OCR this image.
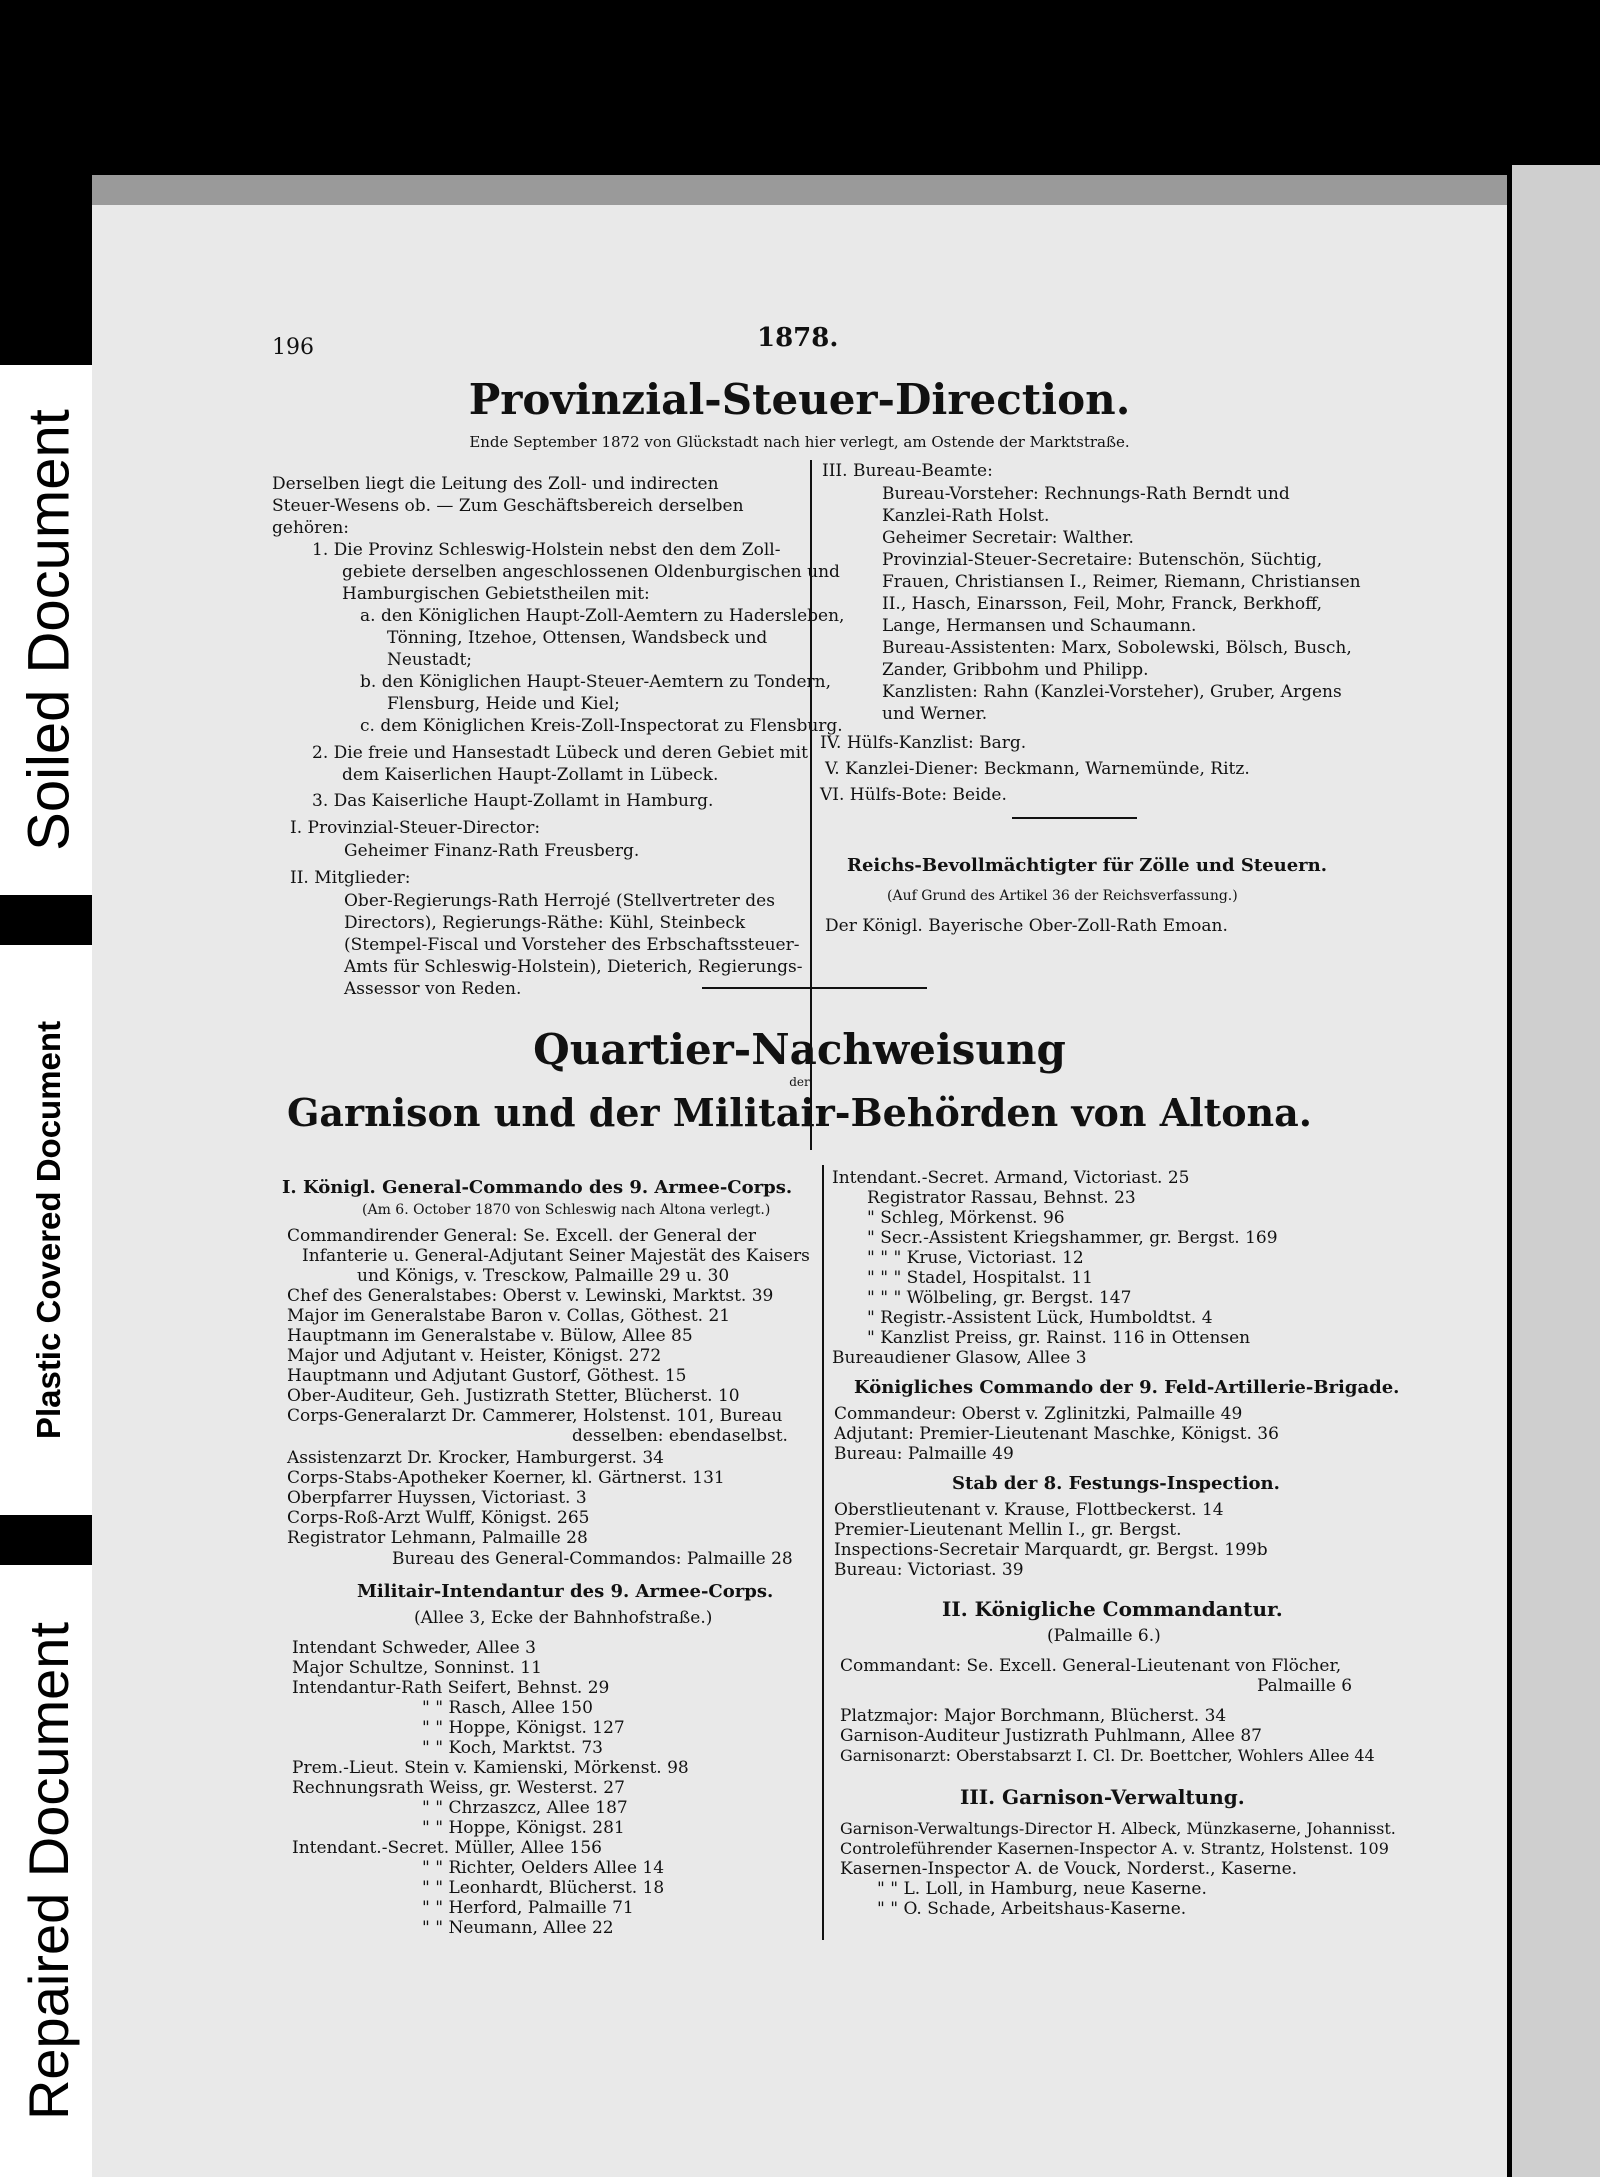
Soiled Document
Plastic Covered Document
Repaired Document
196	1878.
Provinzial-Steuer-Direction.
Ende September 1872 von Glückstadt nach hier verlegt, am Ostende der Marktstraße.
Derselben liegt die Leitung des Zoll- und indirecten
Steuer-Wesens ob. — Zum Geschäftsbereich derselben
gehören:
1. Die Provinz Schleswig-Holstein nebst den dem Zoll-
gebiete derselben angeschlossenen Oldenburgischen und
Hamburgischen Gebietstheilen mit:
a. den Königlichen Haupt-Zoll-Aemtern zu Hadersleben,
Tönning, Itzehoe, Ottensen, Wandsbeck und
Neustadt;
b. den Königlichen Haupt-Steuer-Aemtern zu Tondern,
Flensburg, Heide und Kiel;
c. dem Königlichen Kreis-Zoll-Inspectorat zu Flensburg.
2. Die freie und Hansestadt Lübeck und deren Gebiet mit
dem Kaiserlichen Haupt-Zollamt in Lübeck.
3. Das Kaiserliche Haupt-Zollamt in Hamburg.
I. Provinzial-Steuer-Director:
Geheimer Finanz-Rath Freusberg.
II. Mitglieder:
Ober-Regierungs-Rath Herrojé (Stellvertreter des
Directors), Regierungs-Räthe: Kühl, Steinbeck
(Stempel-Fiscal und Vorsteher des Erbschaftssteuer-
Amts für Schleswig-Holstein), Dieterich, Regierungs-
Assessor von Reden.
III. Bureau-Beamte:
Bureau-Vorsteher: Rechnungs-Rath Berndt und
Kanzlei-Rath Holst.
Geheimer Secretair: Walther.
Provinzial-Steuer-Secretaire: Butenschön, Süchtig,
Frauen, Christiansen I., Reimer, Riemann, Christiansen
II., Hasch, Einarsson, Feil, Mohr, Franck, Berkhoff,
Lange, Hermansen und Schaumann.
Bureau-Assistenten: Marx, Sobolewski, Bölsch, Busch,
Zander, Gribbohm und Philipp.
Kanzlisten: Rahn (Kanzlei-Vorsteher), Gruber, Argens
und Werner.
IV. Hülfs-Kanzlist: Barg.
V. Kanzlei-Diener: Beckmann, Warnemünde, Ritz.
VI. Hülfs-Bote: Beide.
Reichs-Bevollmächtigter für Zölle und Steuern.
(Auf Grund des Artikel 36 der Reichsverfassung.)
Der Königl. Bayerische Ober-Zoll-Rath Emoan.
Quartier-Nachweisung
der
Garnison und der Militair-Behörden von Altona.
I. Königl. General-Commando des 9. Armee-Corps.
(Am 6. October 1870 von Schleswig nach Altona verlegt.)
Commandirender General: Se. Excell. der General der
Infanterie u. General-Adjutant Seiner Majestät des Kaisers
und Königs, v. Tresckow, Palmaille 29 u. 30
Chef des Generalstabes: Oberst v. Lewinski, Marktst. 39
Major im Generalstabe Baron v. Collas, Göthest. 21
Hauptmann im Generalstabe v. Bülow, Allee 85
Major und Adjutant v. Heister, Königst. 272
Hauptmann und Adjutant Gustorf, Göthest. 15
Ober-Auditeur, Geh. Justizrath Stetter, Blücherst. 10
Corps-Generalarzt Dr. Cammerer, Holstenst. 101, Bureau
desselben: ebendaselbst.
Assistenzarzt Dr. Krocker, Hamburgerst. 34
Corps-Stabs-Apotheker Koerner, kl. Gärtnerst. 131
Oberpfarrer Huyssen, Victoriast. 3
Corps-Roß-Arzt Wulff, Königst. 265
Registrator Lehmann, Palmaille 28
Bureau des General-Commandos: Palmaille 28
Militair-Intendantur des 9. Armee-Corps.
(Allee 3, Ecke der Bahnhofstraße.)
Intendant Schweder, Allee 3
Major Schultze, Sonninst. 11
Intendantur-Rath Seifert, Behnst. 29
" " Rasch, Allee 150
" " Hoppe, Königst. 127
" " Koch, Marktst. 73
Prem.-Lieut. Stein v. Kamienski, Mörkenst. 98
Rechnungsrath Weiss, gr. Westerst. 27
" " Chrzaszcz, Allee 187
" " Hoppe, Königst. 281
Intendant.-Secret. Müller, Allee 156
" " Richter, Oelders Allee 14
" " Leonhardt, Blücherst. 18
" " Herford, Palmaille 71
" " Neumann, Allee 22
Intendant.-Secret. Armand, Victoriast. 25
Registrator Rassau, Behnst. 23
" Schleg, Mörkenst. 96
" Secr.-Assistent Kriegshammer, gr. Bergst. 169
" " " Kruse, Victoriast. 12
" " " Stadel, Hospitalst. 11
" " " Wölbeling, gr. Bergst. 147
" Registr.-Assistent Lück, Humboldtst. 4
" Kanzlist Preiss, gr. Rainst. 116 in Ottensen
Bureaudiener Glasow, Allee 3
Königliches Commando der 9. Feld-Artillerie-Brigade.
Commandeur: Oberst v. Zglinitzki, Palmaille 49
Adjutant: Premier-Lieutenant Maschke, Königst. 36
Bureau: Palmaille 49
Stab der 8. Festungs-Inspection.
Oberstlieutenant v. Krause, Flottbeckerst. 14
Premier-Lieutenant Mellin I., gr. Bergst.
Inspections-Secretair Marquardt, gr. Bergst. 199b
Bureau: Victoriast. 39
II. Königliche Commandantur.
(Palmaille 6.)
Commandant: Se. Excell. General-Lieutenant von Flöcher,
Palmaille 6
Platzmajor: Major Borchmann, Blücherst. 34
Garnison-Auditeur Justizrath Puhlmann, Allee 87
Garnisonarzt: Oberstabsarzt I. Cl. Dr. Boettcher, Wohlers Allee 44
III. Garnison-Verwaltung.
Garnison-Verwaltungs-Director H. Albeck, Münzkaserne, Johannisst.
Controleführender Kasernen-Inspector A. v. Strantz, Holstenst. 109
Kasernen-Inspector A. de Vouck, Norderst., Kaserne.
" " L. Loll, in Hamburg, neue Kaserne.
" " O. Schade, Arbeitshaus-Kaserne.
